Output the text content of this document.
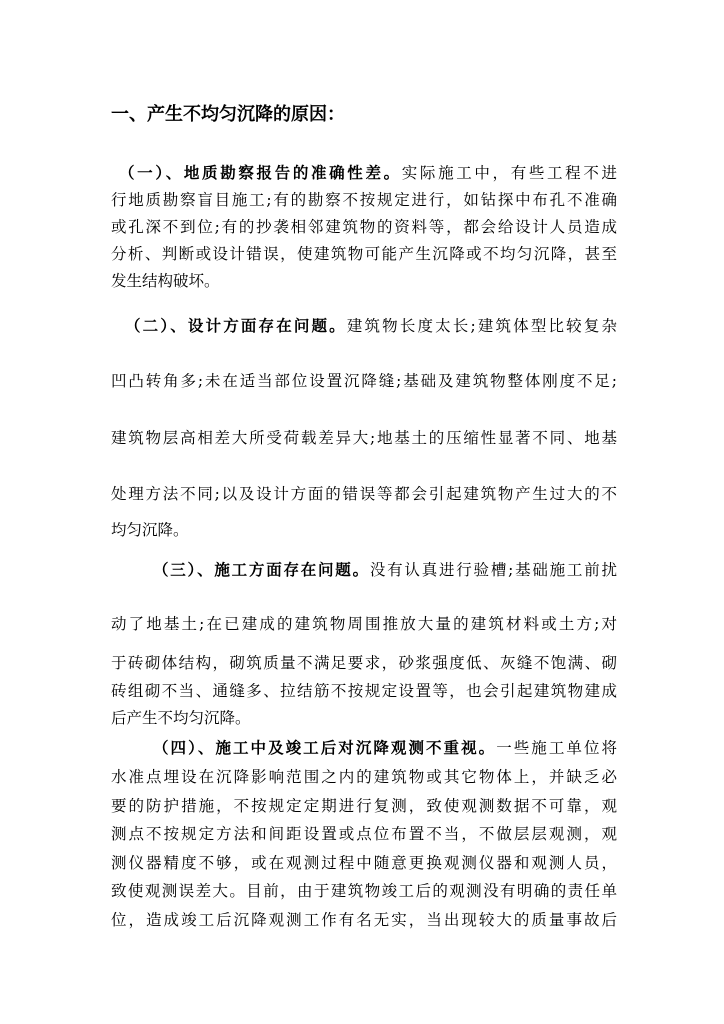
一、产生不均匀沉降的原因：

（一）、地质勘察报告的准确性差。实际施工中，有些工程不进

行地质勘察盲目施工;有的勘察不按规定进行，如钻探中布孔不准确

或孔深不到位;有的抄袭相邻建筑物的资料等，都会给设计人员造成

分析、判断或设计错误，使建筑物可能产生沉降或不均匀沉降，甚至

发生结构破坏。

（二）、设计方面存在问题。建筑物长度太长;建筑体型比较复杂

凹凸转角多;未在适当部位设置沉降缝;基础及建筑物整体刚度不足;

建筑物层高相差大所受荷载差异大;地基土的压缩性显著不同、地基

处理方法不同;以及设计方面的错误等都会引起建筑物产生过大的不

均匀沉降。

（三）、施工方面存在问题。没有认真进行验槽;基础施工前扰

动了地基土;在已建成的建筑物周围推放大量的建筑材料或土方;对

于砖砌体结构，砌筑质量不满足要求，砂浆强度低、灰缝不饱满、砌

砖组砌不当、通缝多、拉结筋不按规定设置等，也会引起建筑物建成

后产生不均匀沉降。

（四）、施工中及竣工后对沉降观测不重视。一些施工单位将

水准点埋设在沉降影响范围之内的建筑物或其它物体上，并缺乏必

要的防护措施，不按规定定期进行复测，致使观测数据不可靠，观

测点不按规定方法和间距设置或点位布置不当，不做层层观测，观

测仪器精度不够，或在观测过程中随意更换观测仪器和观测人员，

致使观测误差大。目前，由于建筑物竣工后的观测没有明确的责任单

位，造成竣工后沉降观测工作有名无实，当出现较大的质量事故后
